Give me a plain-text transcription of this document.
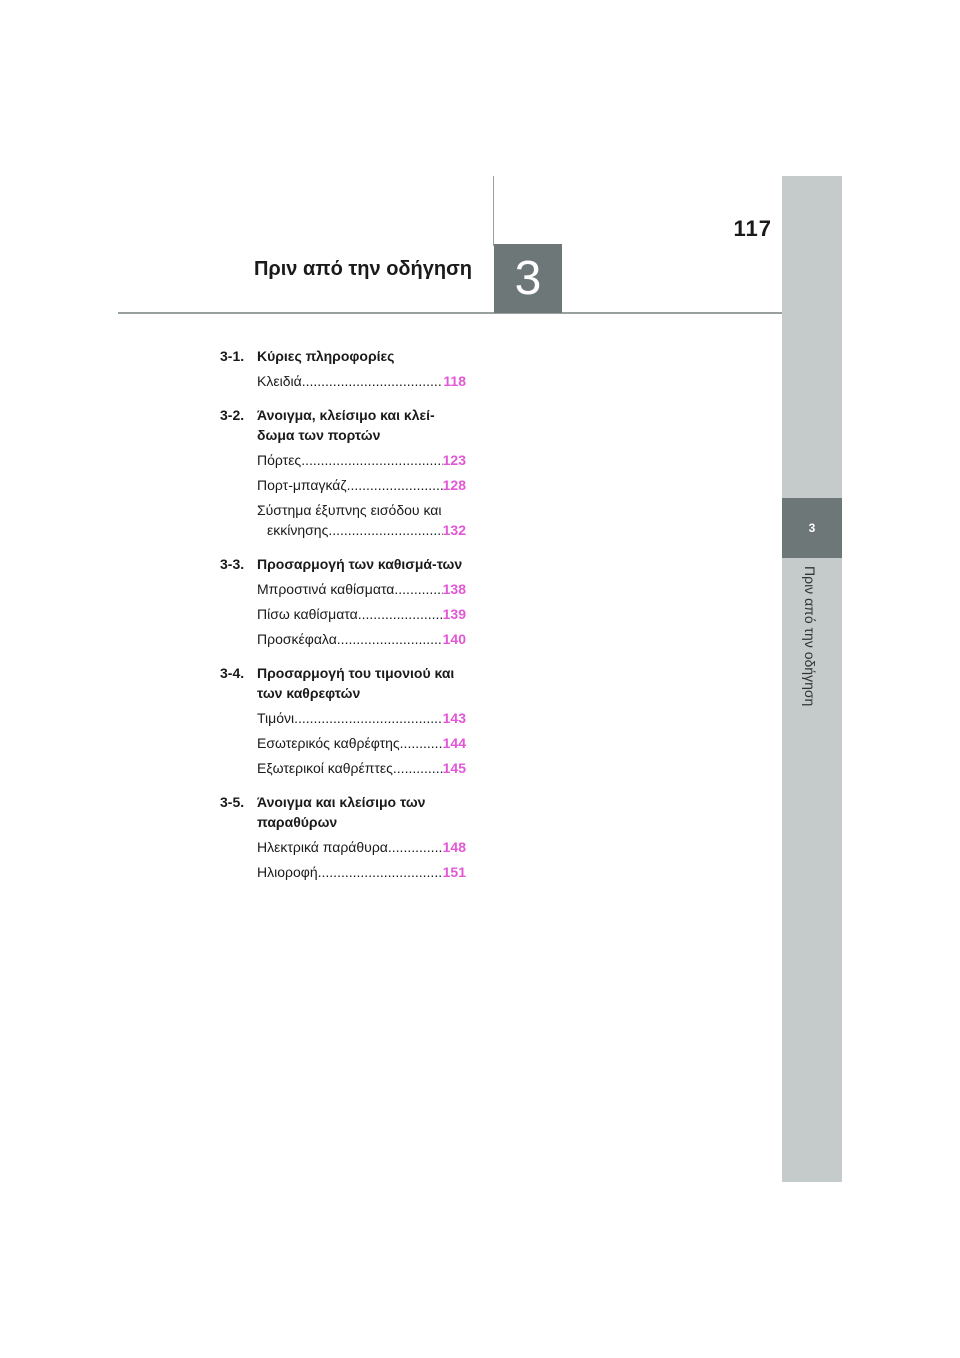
3
117
Πριν από την οδήγηση
3
Πριν από την οδήγηση
3-1. Κύριες πληροφορίες
Κλειδιά .....	118
3-2. Άνοιγμα, κλείσιμο και κλεί-δωμα των πορτών
Πόρτες .....	123
Πορτ-μπαγκάζ .....	128
Σύστημα έξυπνης εισόδου και
εκκίνησης .....	132
3-3. Προσαρμογή των καθισμά-των
Μπροστινά καθίσματα .....	138
Πίσω καθίσματα .....	139
Προσκέφαλα .....	140
3-4. Προσαρμογή του τιμονιού και των καθρεφτών
Τιμόνι .....	143
Εσωτερικός καθρέφτης .....	144
Εξωτερικοί καθρέπτες .....	145
3-5. Άνοιγμα και κλείσιμο των παραθύρων
Ηλεκτρικά παράθυρα .....	148
Ηλιοροφή .....	151
